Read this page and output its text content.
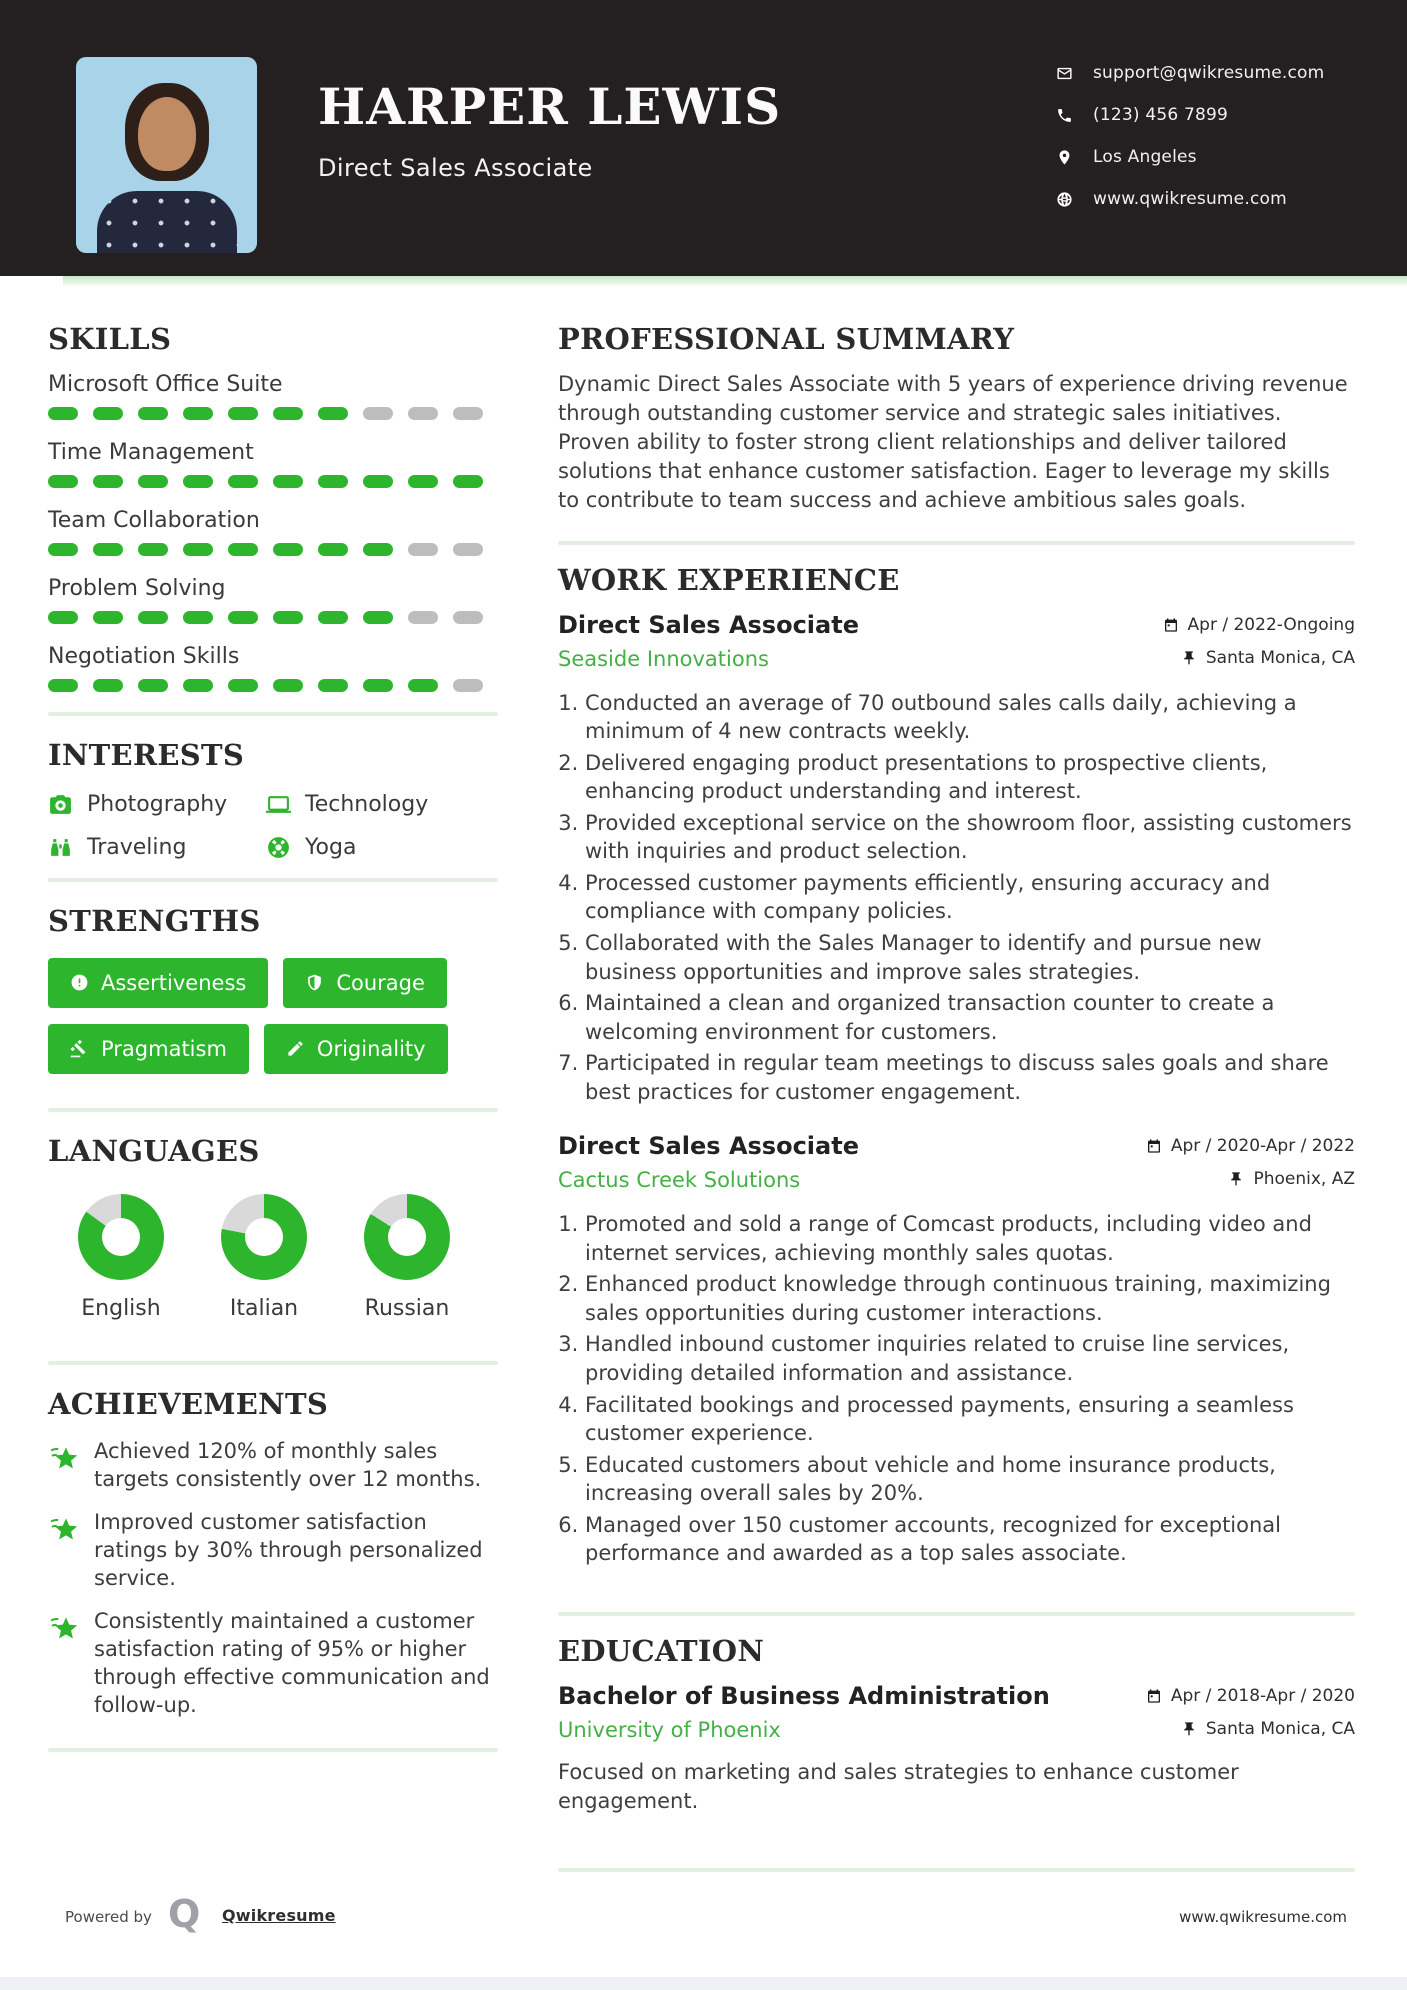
HARPER LEWIS
Direct Sales Associate
support@qwikresume.com
(123) 456 7899
Los Angeles
www.qwikresume.com
SKILLS
Microsoft Office Suite
Time Management
Team Collaboration
Problem Solving
Negotiation Skills
INTERESTS
Photography	Technology
Traveling	Yoga
STRENGTHS
Assertiveness	Courage
Pragmatism	Originality
LANGUAGES
English	Italian	Russian
ACHIEVEMENTS

Achieved 120% of monthly sales targets consistently over 12 months.

Improved customer satisfaction ratings by 30% through personalized service.

Consistently maintained a customer satisfaction rating of 95% or higher through effective communication and follow-up.

PROFESSIONAL SUMMARY

Dynamic Direct Sales Associate with 5 years of experience driving revenue through outstanding customer service and strategic sales initiatives. Proven ability to foster strong client relationships and deliver tailored solutions that enhance customer satisfaction. Eager to leverage my skills to contribute to team success and achieve ambitious sales goals.

WORK EXPERIENCE
Direct Sales Associate	Apr / 2022-Ongoing
Seaside Innovations	Santa Monica, CA
1. Conducted an average of 70 outbound sales calls daily, achieving a minimum of 4 new contracts weekly.
2. Delivered engaging product presentations to prospective clients, enhancing product understanding and interest.
3. Provided exceptional service on the showroom floor, assisting customers with inquiries and product selection.
4. Processed customer payments efficiently, ensuring accuracy and compliance with company policies.
5. Collaborated with the Sales Manager to identify and pursue new business opportunities and improve sales strategies.
6. Maintained a clean and organized transaction counter to create a welcoming environment for customers.
7. Participated in regular team meetings to discuss sales goals and share best practices for customer engagement.
Direct Sales Associate	Apr / 2020-Apr / 2022
Cactus Creek Solutions	Phoenix, AZ
1. Promoted and sold a range of Comcast products, including video and internet services, achieving monthly sales quotas.
2. Enhanced product knowledge through continuous training, maximizing sales opportunities during customer interactions.
3. Handled inbound customer inquiries related to cruise line services, providing detailed information and assistance.
4. Facilitated bookings and processed payments, ensuring a seamless customer experience.
5. Educated customers about vehicle and home insurance products, increasing overall sales by 20%.
6. Managed over 150 customer accounts, recognized for exceptional performance and awarded as a top sales associate.
EDUCATION
Bachelor of Business Administration	Apr / 2018-Apr / 2020
University of Phoenix	Santa Monica, CA

Focused on marketing and sales strategies to enhance customer engagement.

Powered by Q Qwikresume	www.qwikresume.com
